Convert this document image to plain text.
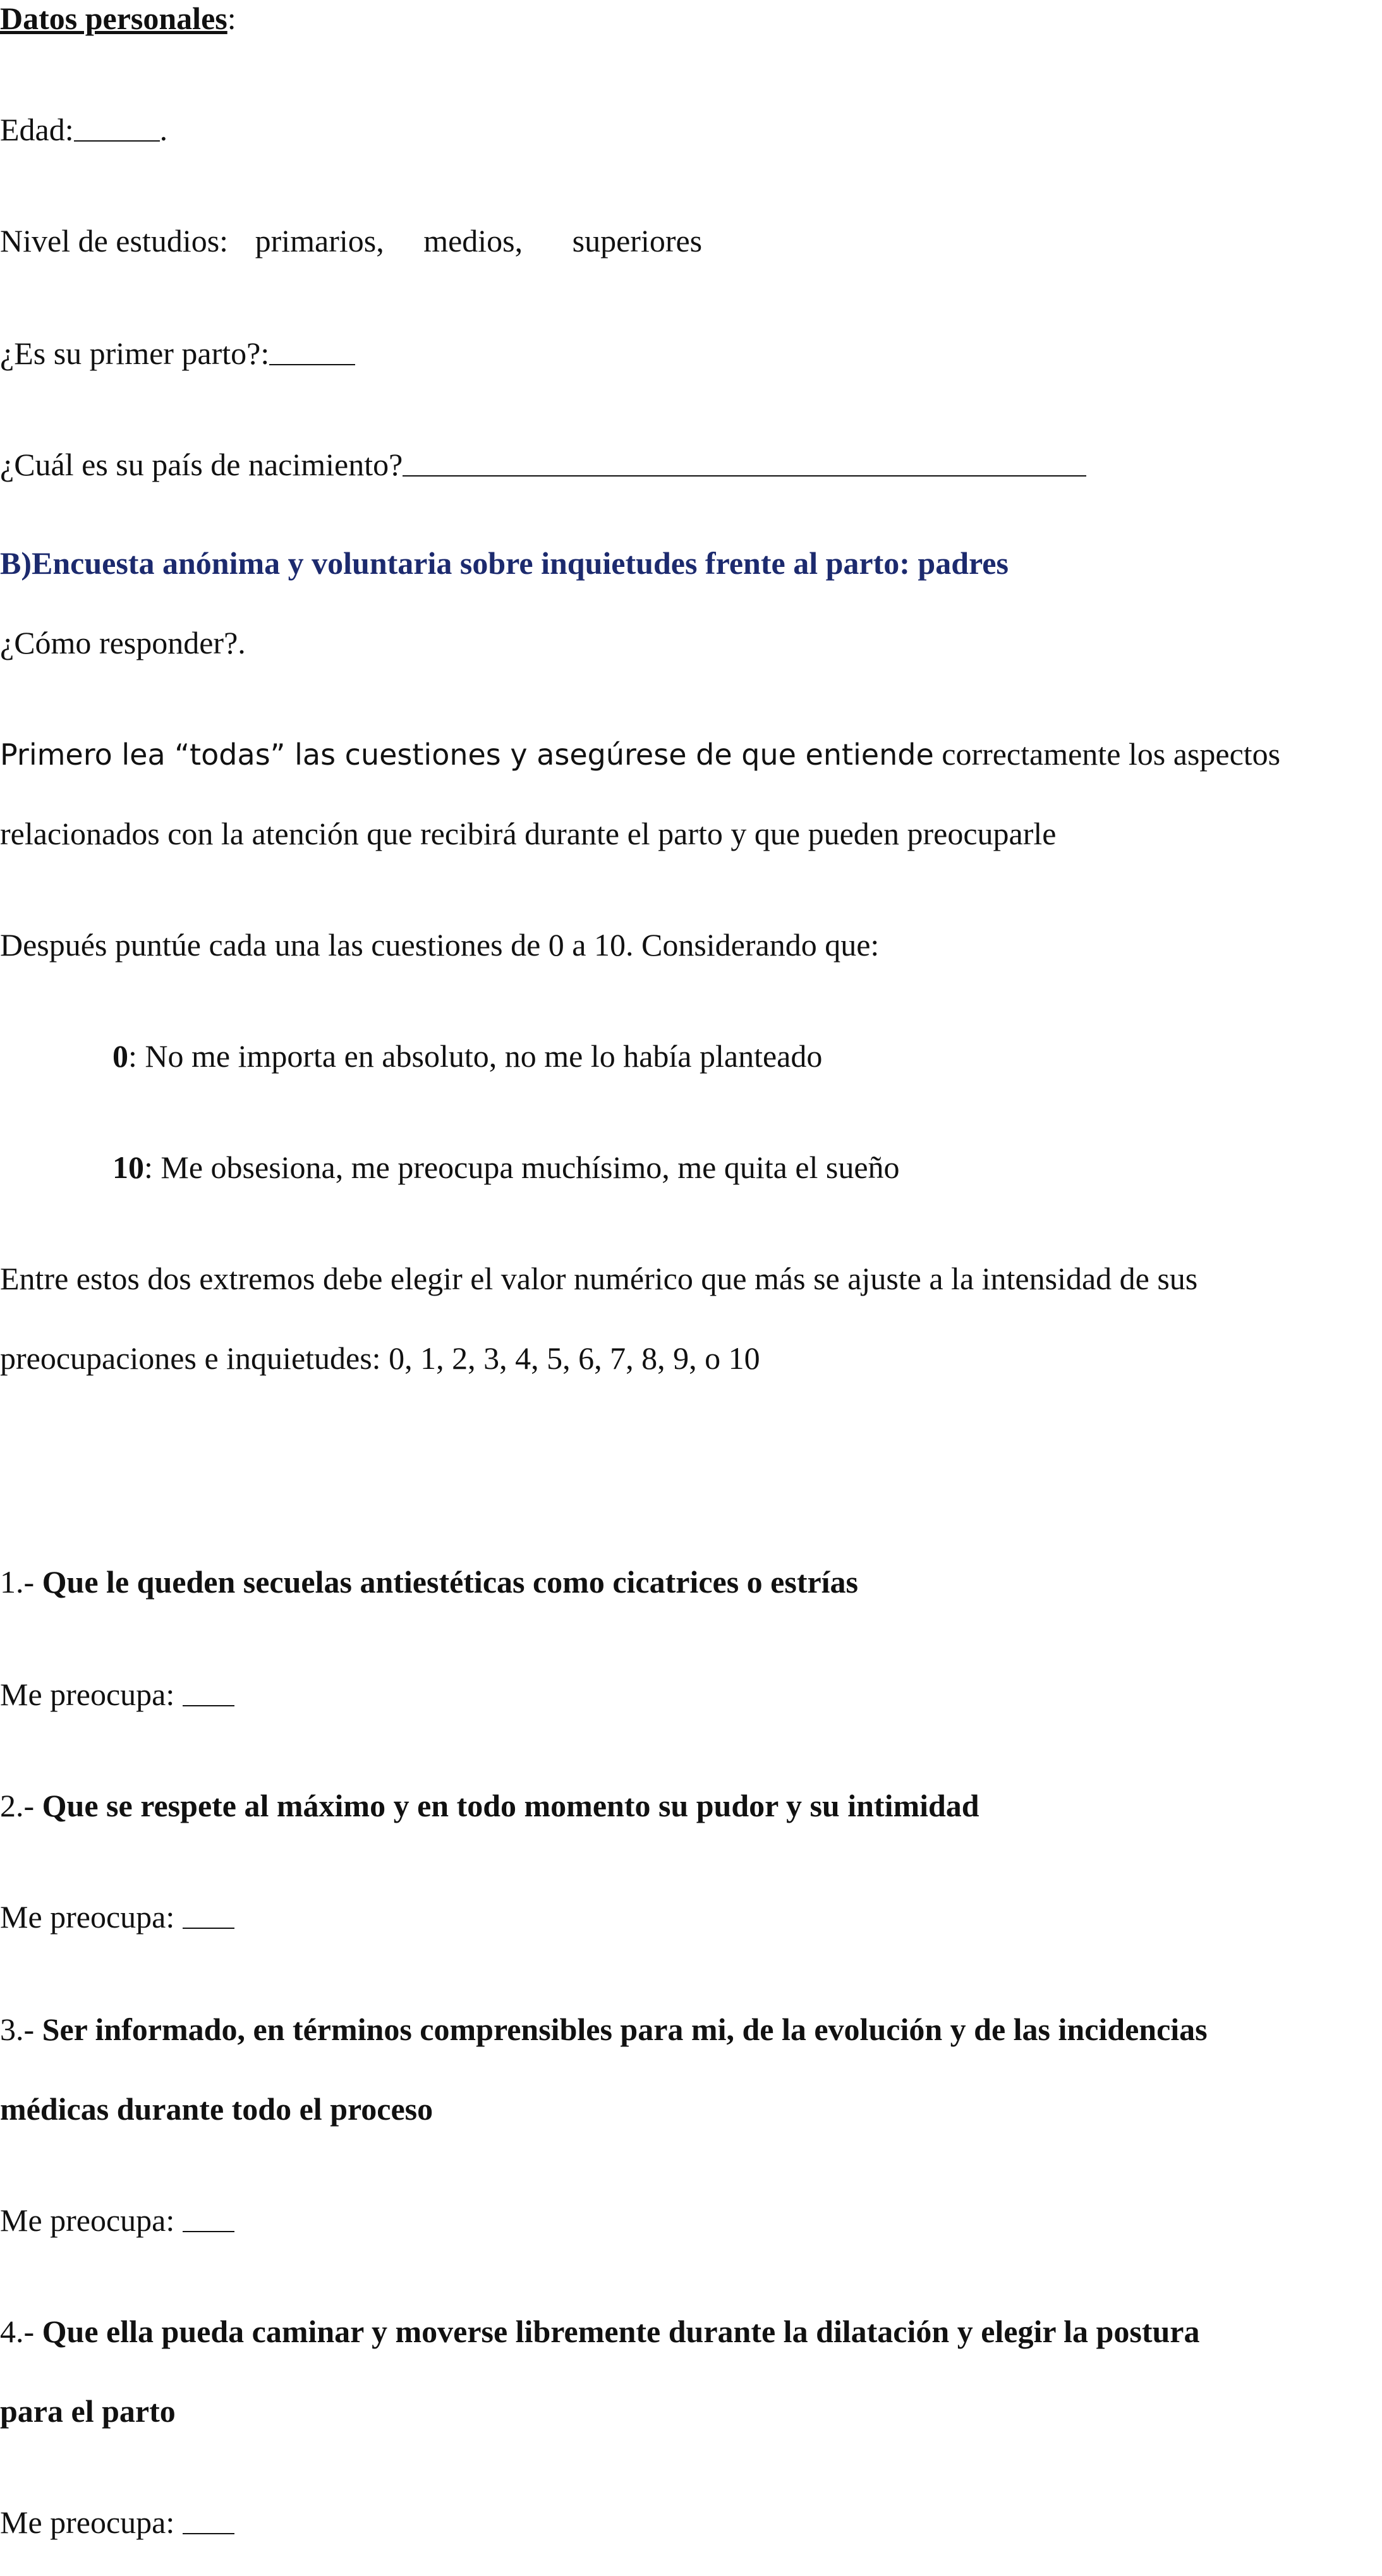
Datos personales:
Edad:	.
Nivel de estudios: primarios, medios, superiores
¿Es su primer parto?:
¿Cuál es su país de nacimiento?
B)Encuesta anónima y voluntaria sobre inquietudes frente al parto: padres
¿Cómo responder?.
Primero lea “todas” las cuestiones y asegúrese de que entiende correctamente los aspectos
relacionados con la atención que recibirá durante el parto y que pueden preocuparle
Después puntúe cada una las cuestiones de 0 a 10. Considerando que:
0: No me importa en absoluto, no me lo había planteado
10: Me obsesiona, me preocupa muchísimo, me quita el sueño
Entre estos dos extremos debe elegir el valor numérico que más se ajuste a la intensidad de sus
preocupaciones e inquietudes: 0, 1, 2, 3, 4, 5, 6, 7, 8, 9, o 10
1.- Que le queden secuelas antiestéticas como cicatrices o estrías
Me preocupa:
2.- Que se respete al máximo y en todo momento su pudor y su intimidad
Me preocupa:
3.- Ser informado, en términos comprensibles para mi, de la evolución y de las incidencias
médicas durante todo el proceso
Me preocupa:
4.- Que ella pueda caminar y moverse libremente durante la dilatación y elegir la postura
para el parto
Me preocupa:
